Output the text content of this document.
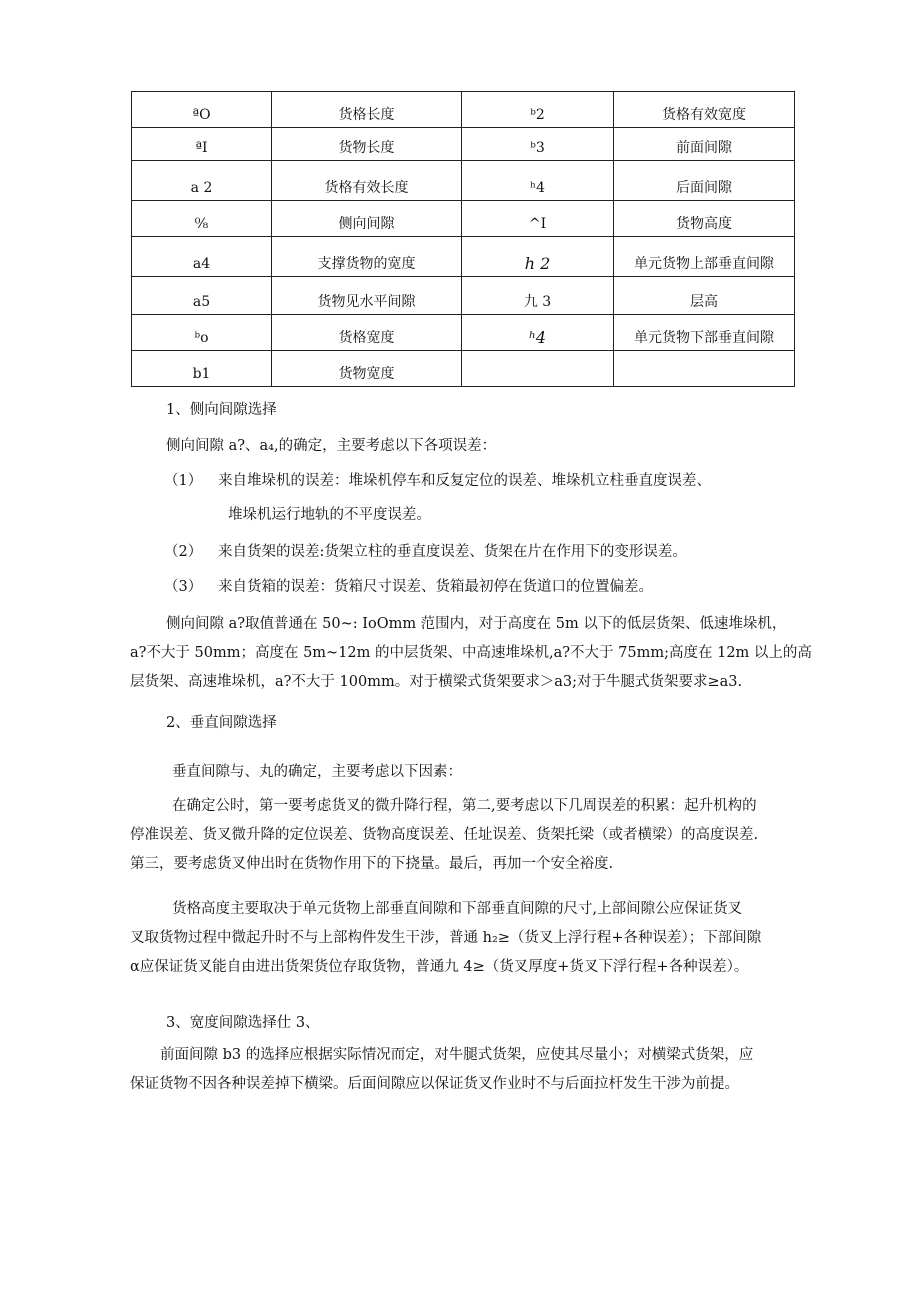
ªO	货格长度	ᵇ2	货格有效宽度
ªI	货物长度	ᵇ3	前面间隙
a 2	货格有效长度	ʰ4	后面间隙
⁰⁄₈	侧向间隙	^I	货物高度
a4	支撑货物的宽度	h 2	单元货物上部垂直间隙
a5	货物见水平间隙	九 3	层高
ᵇo	货格宽度	ʰ4	单元货物下部垂直间隙
b1	货物宽度		
1、侧向间隙选择
侧向间隙 a?、a₄,的确定，主要考虑以下各项误差：
（1） 来自堆垛机的误差：堆垛机停车和反复定位的误差、堆垛机立柱垂直度误差、
堆垛机运行地轨的不平度误差。
（2） 来自货架的误差:货架立柱的垂直度误差、货架在片在作用下的变形误差。
（3） 来自货箱的误差：货箱尺寸误差、货箱最初停在货道口的位置偏差。
侧向间隙 a?取值普通在 50~: IoOmm 范围内，对于高度在 5m 以下的低层货架、低速堆垛机，
a?不大于 50mm；高度在 5m~12m 的中层货架、中高速堆垛机,a?不大于 75mm;高度在 12m 以上的高
层货架、高速堆垛机，a?不大于 100mm。对于横梁式货架要求＞a3;对于牛腿式货架要求≥a3.
2、垂直间隙选择
垂直间隙与、丸的确定，主要考虑以下因素：
在确定公时，第一要考虑货叉的微升降行程，第二,要考虑以下几周误差的积累：起升机构的
停准误差、货叉微升降的定位误差、货物高度误差、任址误差、货架托梁（或者横梁）的高度误差.
第三，要考虑货叉伸出时在货物作用下的下挠量。最后，再加一个安全裕度.
货格高度主要取决于单元货物上部垂直间隙和下部垂直间隙的尺寸,上部间隙公应保证货叉
叉取货物过程中微起升时不与上部构件发生干涉，普通 h₂≥（货叉上浮行程+各种误差）；下部间隙
α应保证货叉能自由进出货架货位存取货物，普通九 4≥（货叉厚度+货叉下浮行程+各种误差）。
3、宽度间隙选择仕 3、
前面间隙 b3 的选择应根据实际情况而定，对牛腿式货架，应使其尽量小；对横梁式货架，应
保证货物不因各种误差掉下横梁。后面间隙应以保证货叉作业时不与后面拉杆发生干涉为前提。
